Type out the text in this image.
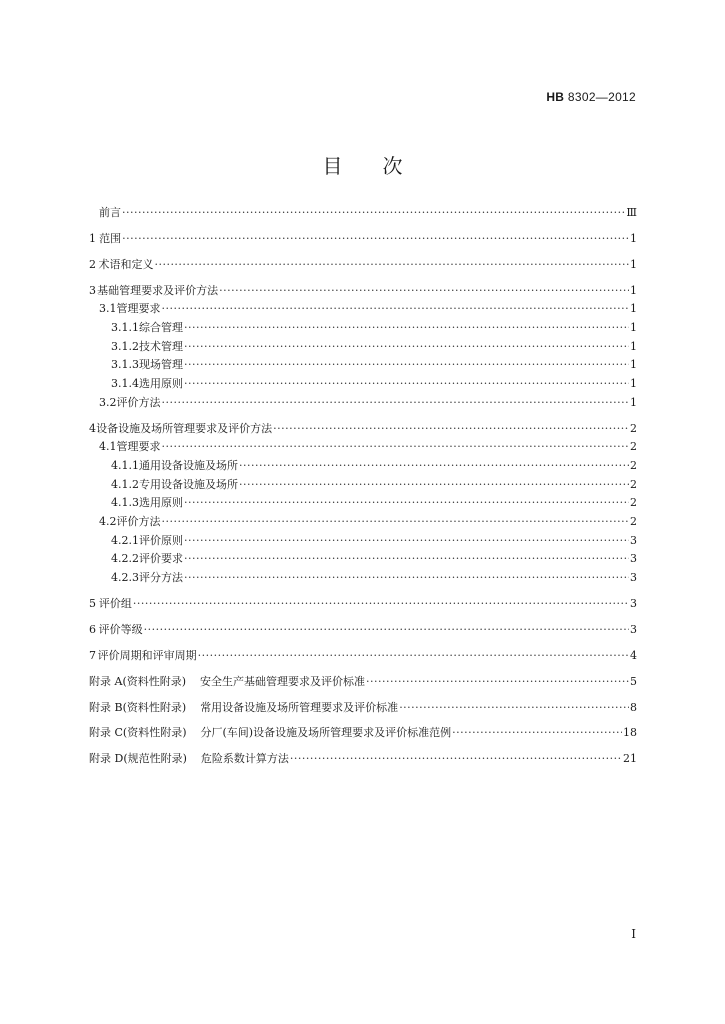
HB 8302—2012
目 次
前言 ·····	Ⅲ
1 范围 ·····	1
2 术语和定义 ·····	1
3 基础管理要求及评价方法 ·····	1
3.1 管理要求 ·····	1
3.1.1 综合管理 ·····	1
3.1.2 技术管理 ·····	1
3.1.3 现场管理 ·····	1
3.1.4 选用原则 ·····	1
3.2 评价方法 ·····	1
4 设备设施及场所管理要求及评价方法 ·····	2
4.1 管理要求 ·····	2
4.1.1 通用设备设施及场所 ·····	2
4.1.2 专用设备设施及场所 ·····	2
4.1.3 选用原则 ·····	2
4.2 评价方法 ·····	2
4.2.1 评价原则 ·····	3
4.2.2 评价要求 ·····	3
4.2.3 评分方法 ·····	3
5 评价组 ·····	3
6 评价等级 ·····	3
7 评价周期和评审周期 ·····	4
附录 A (资料性附录) 安全生产基础管理要求及评价标准 ·····	5
附录 B (资料性附录) 常用设备设施及场所管理要求及评价标准 ·····	8
附录 C (资料性附录) 分厂(车间)设备设施及场所管理要求及评价标准范例 ·····	18
附录 D (规范性附录) 危险系数计算方法 ·····	21
I
